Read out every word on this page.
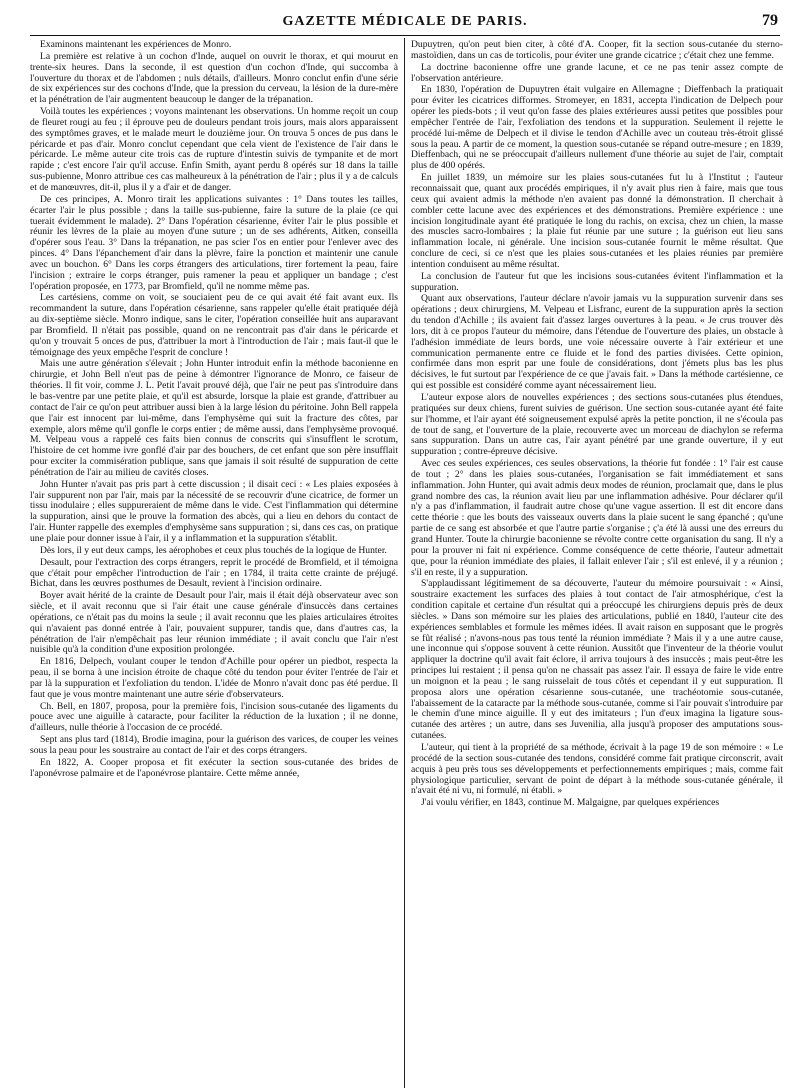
GAZETTE MÉDICALE DE PARIS.	79

Examinons maintenant les expériences de Monro.

La première est relative à un cochon d'Inde, auquel on ouvrit le thorax, et qui mourut en trente-six heures. Dans la seconde, il est question d'un cochon d'Inde, qui succomba à l'ouverture du thorax et de l'abdomen ; nuls détails, d'ailleurs. Monro conclut enfin d'une série de six expériences sur des cochons d'Inde, que la pression du cerveau, la lésion de la dure-mère et la pénétration de l'air augmentent beaucoup le danger de la trépanation.

Voilà toutes les expériences ; voyons maintenant les observations. Un homme reçoit un coup de fleuret rougi au feu ; il éprouve peu de douleurs pendant trois jours, mais alors apparaissent des symptômes graves, et le malade meurt le douzième jour. On trouva 5 onces de pus dans le péricarde et pas d'air. Monro conclut cependant que cela vient de l'existence de l'air dans le péricarde. Le même auteur cite trois cas de rupture d'intestin suivis de tympanite et de mort rapide ; c'est encore l'air qu'il accuse. Enfin Smith, ayant perdu 8 opérés sur 18 dans la taille sus-pubienne, Monro attribue ces cas malheureux à la pénétration de l'air ; plus il y a de calculs et de manœuvres, dit-il, plus il y a d'air et de danger.

De ces principes, A. Monro tirait les applications suivantes : 1° Dans toutes les tailles, écarter l'air le plus possible ; dans la taille sus-pubienne, faire la suture de la plaie (ce qui tuerait évidemment le malade). 2° Dans l'opération césarienne, éviter l'air le plus possible et réunir les lèvres de la plaie au moyen d'une suture ; un de ses adhérents, Aitken, conseilla d'opérer sous l'eau. 3° Dans la trépanation, ne pas scier l'os en entier pour l'enlever avec des pinces. 4° Dans l'épanchement d'air dans la plèvre, faire la ponction et maintenir une canule avec un bouchon. 6° Dans les corps étrangers des articulations, tirer fortement la peau, faire l'incision ; extraire le corps étranger, puis ramener la peau et appliquer un bandage ; c'est l'opération proposée, en 1773, par Bromfield, qu'il ne nomme même pas.

Les cartésiens, comme on voit, se souciaient peu de ce qui avait été fait avant eux. Ils recommandent la suture, dans l'opération césarienne, sans rappeler qu'elle était pratiquée déjà au dix-septième siècle. Monro indique, sans le citer, l'opération conseillée huit ans auparavant par Bromfield. Il n'était pas possible, quand on ne rencontrait pas d'air dans le péricarde et qu'on y trouvait 5 onces de pus, d'attribuer la mort à l'introduction de l'air ; mais faut-il que le témoignage des yeux empêche l'esprit de conclure !

Mais une autre génération s'élevait ; John Hunter introduit enfin la méthode baconienne en chirurgie, et John Bell n'eut pas de peine à démontrer l'ignorance de Monro, ce faiseur de théories. Il fit voir, comme J. L. Petit l'avait prouvé déjà, que l'air ne peut pas s'introduire dans le bas-ventre par une petite plaie, et qu'il est absurde, lorsque la plaie est grande, d'attribuer au contact de l'air ce qu'on peut attribuer aussi bien à la large lésion du péritoine. John Bell rappela que l'air est innocent par lui-même, dans l'emphysème qui suit la fracture des côtes, par exemple, alors même qu'il gonfle le corps entier ; de même aussi, dans l'emphysème provoqué. M. Velpeau vous a rappelé ces faits bien connus de conscrits qui s'insufflent le scrotum, l'histoire de cet homme ivre gonflé d'air par des bouchers, de cet enfant que son père insufflait pour exciter la commisération publique, sans que jamais il soit résulté de suppuration de cette pénétration de l'air au milieu de cavités closes.

John Hunter n'avait pas pris part à cette discussion ; il disait ceci : « Les plaies exposées à l'air suppurent non par l'air, mais par la nécessité de se recouvrir d'une cicatrice, de former un tissu inodulaire ; elles suppureraient de même dans le vide. C'est l'inflammation qui détermine la suppuration, ainsi que le prouve la formation des abcès, qui a lieu en dehors du contact de l'air. Hunter rappelle des exemples d'emphysème sans suppuration ; si, dans ces cas, on pratique une plaie pour donner issue à l'air, il y a inflammation et la suppuration s'établit.

Dès lors, il y eut deux camps, les aérophobes et ceux plus touchés de la logique de Hunter.

Desault, pour l'extraction des corps étrangers, reprit le procédé de Bromfield, et il témoigna que c'était pour empêcher l'introduction de l'air ; en 1784, il traita cette crainte de préjugé. Bichat, dans les œuvres posthumes de Desault, revient à l'incision ordinaire.

Boyer avait hérité de la crainte de Desault pour l'air, mais il était déjà observateur avec son siècle, et il avait reconnu que si l'air était une cause générale d'insuccès dans certaines opérations, ce n'était pas du moins la seule ; il avait reconnu que les plaies articulaires étroites qui n'avaient pas donné entrée à l'air, pouvaient suppurer, tandis que, dans d'autres cas, la pénétration de l'air n'empêchait pas leur réunion immédiate ; il avait conclu que l'air n'est nuisible qu'à la condition d'une exposition prolongée.

En 1816, Delpech, voulant couper le tendon d'Achille pour opérer un piedbot, respecta la peau, il se borna à une incision étroite de chaque côté du tendon pour éviter l'entrée de l'air et par là la suppuration et l'exfoliation du tendon. L'idée de Monro n'avait donc pas été perdue. Il faut que je vous montre maintenant une autre série d'observateurs.

Ch. Bell, en 1807, proposa, pour la première fois, l'incision sous-cutanée des ligaments du pouce avec une aiguille à cataracte, pour faciliter la réduction de la luxation ; il ne donne, d'ailleurs, nulle théorie à l'occasion de ce procédé.

Sept ans plus tard (1814), Brodie imagina, pour la guérison des varices, de couper les veines sous la peau pour les soustraire au contact de l'air et des corps étrangers.

En 1822, A. Cooper proposa et fit exécuter la section sous-cutanée des brides de l'aponévrose palmaire et de l'aponévrose plantaire. Cette même année,

Dupuytren, qu'on peut bien citer, à côté d'A. Cooper, fit la section sous-cutanée du sterno-mastoïdien, dans un cas de torticolis, pour éviter une grande cicatrice ; c'était chez une femme.

La doctrine baconienne offre une grande lacune, et ce ne pas tenir assez compte de l'observation antérieure.

En 1830, l'opération de Dupuytren était vulgaire en Allemagne ; Dieffenbach la pratiquait pour éviter les cicatrices difformes. Stromeyer, en 1831, accepta l'indication de Delpech pour opérer les pieds-bots ; il veut qu'on fasse des plaies extérieures aussi petites que possibles pour empêcher l'entrée de l'air, l'exfoliation des tendons et la suppuration. Seulement il rejette le procédé lui-même de Delpech et il divise le tendon d'Achille avec un couteau très-étroit glissé sous la peau. A partir de ce moment, la question sous-cutanée se répand outre-mesure ; en 1839, Dieffenbach, qui ne se préoccupait d'ailleurs nullement d'une théorie au sujet de l'air, comptait plus de 400 opérés.

En juillet 1839, un mémoire sur les plaies sous-cutanées fut lu à l'Institut ; l'auteur reconnaissait que, quant aux procédés empiriques, il n'y avait plus rien à faire, mais que tous ceux qui avaient admis la méthode n'en avaient pas donné la démonstration. Il cherchait à combler cette lacune avec des expériences et des démonstrations. Première expérience : une incision longitudinale ayant été pratiquée le long du rachis, on excisa, chez un chien, la masse des muscles sacro-lombaires ; la plaie fut réunie par une suture ; la guérison eut lieu sans inflammation locale, ni générale. Une incision sous-cutanée fournit le même résultat. Que conclure de ceci, si ce n'est que les plaies sous-cutanées et les plaies réunies par première intention conduisent au même résultat.

La conclusion de l'auteur fut que les incisions sous-cutanées évitent l'inflammation et la suppuration.

Quant aux observations, l'auteur déclare n'avoir jamais vu la suppuration survenir dans ses opérations ; deux chirurgiens, M. Velpeau et Lisfranc, eurent de la suppuration après la section du tendon d'Achille ; ils avaient fait d'assez larges ouvertures à la peau. « Je crus trouver dès lors, dit à ce propos l'auteur du mémoire, dans l'étendue de l'ouverture des plaies, un obstacle à l'adhésion immédiate de leurs bords, une voie nécessaire ouverte à l'air extérieur et une communication permanente entre ce fluide et le fond des parties divisées. Cette opinion, confirmée dans mon esprit par une foule de considérations, dont j'émets plus bas les plus décisives, le fut surtout par l'expérience de ce que j'avais fait. » Dans la méthode cartésienne, ce qui est possible est considéré comme ayant nécessairement lieu.

L'auteur expose alors de nouvelles expériences ; des sections sous-cutanées plus étendues, pratiquées sur deux chiens, furent suivies de guérison. Une section sous-cutanée ayant été faite sur l'homme, et l'air ayant été soigneusement expulsé après la petite ponction, il ne s'écoula pas de tout de sang, et l'ouverture de la plaie, recouverte avec un morceau de diachylon se referma sans suppuration. Dans un autre cas, l'air ayant pénétré par une grande ouverture, il y eut suppuration ; contre-épreuve décisive.

Avec ces seules expériences, ces seules observations, la théorie fut fondée : 1° l'air est cause de tout ; 2° dans les plaies sous-cutanées, l'organisation se fait immédiatement et sans inflammation. John Hunter, qui avait admis deux modes de réunion, proclamait que, dans le plus grand nombre des cas, la réunion avait lieu par une inflammation adhésive. Pour déclarer qu'il n'y a pas d'inflammation, il faudrait autre chose qu'une vague assertion. Il est dit encore dans cette théorie : que les bouts des vaisseaux ouverts dans la plaie sucent le sang épanché ; qu'une partie de ce sang est absorbée et que l'autre partie s'organise ; ç'a été là aussi une des erreurs du grand Hunter. Toute la chirurgie baconienne se révolte contre cette organisation du sang. Il n'y a pour la prouver ni fait ni expérience. Comme conséquence de cette théorie, l'auteur admettait que, pour la réunion immédiate des plaies, il fallait enlever l'air ; s'il est enlevé, il y a réunion ; s'il en reste, il y a suppuration.

S'applaudissant légitimement de sa découverte, l'auteur du mémoire poursuivait : « Ainsi, soustraire exactement les surfaces des plaies à tout contact de l'air atmosphérique, c'est la condition capitale et certaine d'un résultat qui a préoccupé les chirurgiens depuis près de deux siècles. » Dans son mémoire sur les plaies des articulations, publié en 1840, l'auteur cite des expériences semblables et formule les mêmes idées. Il avait raison en supposant que le progrès se fût réalisé ; n'avons-nous pas tous tenté la réunion immédiate ? Mais il y a une autre cause, une inconnue qui s'oppose souvent à cette réunion. Aussitôt que l'inventeur de la théorie voulut appliquer la doctrine qu'il avait fait éclore, il arriva toujours à des insuccès ; mais peut-être les principes lui restaient ; il pensa qu'on ne chassait pas assez l'air. Il essaya de faire le vide entre un moignon et la peau ; le sang ruisselait de tous côtés et cependant il y eut suppuration. Il proposa alors une opération césarienne sous-cutanée, une trachéotomie sous-cutanée, l'abaissement de la cataracte par la méthode sous-cutanée, comme si l'air pouvait s'introduire par le chemin d'une mince aiguille. Il y eut des imitateurs ; l'un d'eux imagina la ligature sous-cutanée des artères ; un autre, dans ses Juvenilia, alla jusqu'à proposer des amputations sous-cutanées.

L'auteur, qui tient à la propriété de sa méthode, écrivait à la page 19 de son mémoire : « Le procédé de la section sous-cutanée des tendons, considéré comme fait pratique circonscrit, avait acquis à peu près tous ses développements et perfectionnements empiriques ; mais, comme fait physiologique particulier, servant de point de départ à la méthode sous-cutanée générale, il n'avait été ni vu, ni formulé, ni établi. »

J'ai voulu vérifier, en 1843, continue M. Malgaigne, par quelques expériences
